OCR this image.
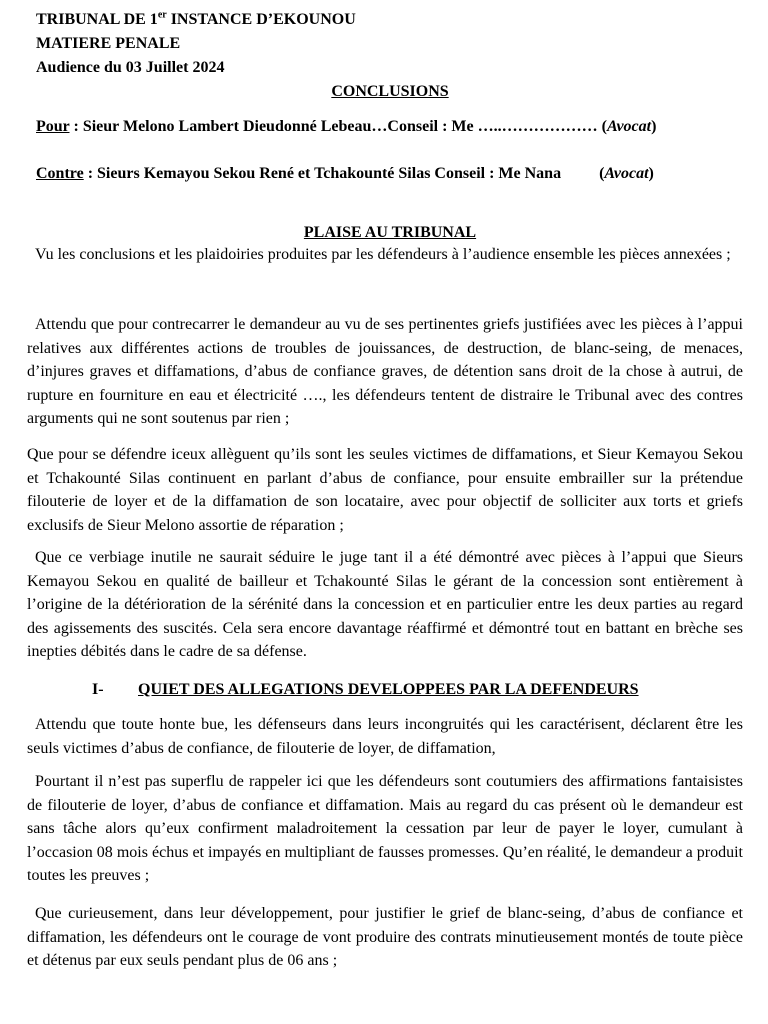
TRIBUNAL DE 1er INSTANCE D’EKOUNOU
MATIERE PENALE
Audience du 03 Juillet 2024
CONCLUSIONS
Pour : Sieur Melono Lambert Dieudonné Lebeau…Conseil : Me …..……………… (Avocat)
Contre : Sieurs Kemayou Sekou René et Tchakounté Silas Conseil : Me Nana (Avocat)
PLAISE AU TRIBUNAL

Vu les conclusions et les plaidoiries produites par les défendeurs à l’audience ensemble les pièces annexées ;

Attendu que pour contrecarrer le demandeur au vu de ses pertinentes griefs justifiées avec les pièces à l’appui relatives aux différentes actions de troubles de jouissances, de destruction, de blanc-seing, de menaces, d’injures graves et diffamations, d’abus de confiance graves, de détention sans droit de la chose à autrui, de rupture en fourniture en eau et électricité …., les défendeurs tentent de distraire le Tribunal avec des contres arguments qui ne sont soutenus par rien ;

Que pour se défendre iceux allèguent qu’ils sont les seules victimes de diffamations, et Sieur Kemayou Sekou et Tchakounté Silas continuent en parlant d’abus de confiance, pour ensuite embrailler sur la prétendue filouterie de loyer et de la diffamation de son locataire, avec pour objectif de solliciter aux torts et griefs exclusifs de Sieur Melono assortie de réparation ;

Que ce verbiage inutile ne saurait séduire le juge tant il a été démontré avec pièces à l’appui que Sieurs Kemayou Sekou en qualité de bailleur et Tchakounté Silas le gérant de la concession sont entièrement à l’origine de la détérioration de la sérénité dans la concession et en particulier entre les deux parties au regard des agissements des suscités. Cela sera encore davantage réaffirmé et démontré tout en battant en brèche ses inepties débités dans le cadre de sa défense.

I- QUIET DES ALLEGATIONS DEVELOPPEES PAR LA DEFENDEURS

Attendu que toute honte bue, les défenseurs dans leurs incongruités qui les caractérisent, déclarent être les seuls victimes d’abus de confiance, de filouterie de loyer, de diffamation,

Pourtant il n’est pas superflu de rappeler ici que les défendeurs sont coutumiers des affirmations fantaisistes de filouterie de loyer, d’abus de confiance et diffamation. Mais au regard du cas présent où le demandeur est sans tâche alors qu’eux confirment maladroitement la cessation par leur de payer le loyer, cumulant à l’occasion 08 mois échus et impayés en multipliant de fausses promesses. Qu’en réalité, le demandeur a produit toutes les preuves ;

Que curieusement, dans leur développement, pour justifier le grief de blanc-seing, d’abus de confiance et diffamation, les défendeurs ont le courage de vont produire des contrats minutieusement montés de toute pièce et détenus par eux seuls pendant plus de 06 ans ;
